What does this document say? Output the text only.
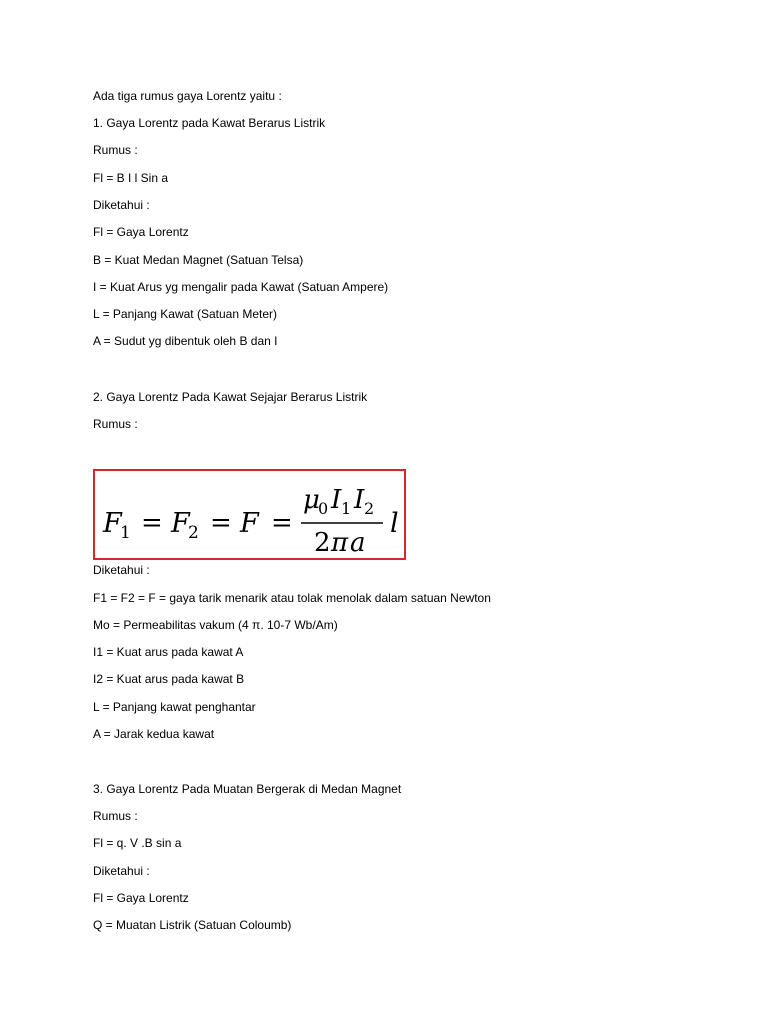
Ada tiga rumus gaya Lorentz yaitu :
1. Gaya Lorentz pada Kawat Berarus Listrik
Rumus :
Fl = B I l Sin a
Diketahui :
Fl = Gaya Lorentz
B = Kuat Medan Magnet (Satuan Telsa)
I = Kuat Arus yg mengalir pada Kawat (Satuan Ampere)
L = Panjang Kawat (Satuan Meter)
A = Sudut yg dibentuk oleh B dan I
2. Gaya Lorentz Pada Kawat Sejajar Berarus Listrik
Rumus :
F
1 = F
2 = F =
μ
0 I 1 I 2
2 π a
l
Diketahui :
F1 = F2 = F = gaya tarik menarik atau tolak menolak dalam satuan Newton
Mo = Permeabilitas vakum (4 π. 10-7 Wb/Am)
I1 = Kuat arus pada kawat A
I2 = Kuat arus pada kawat B
L = Panjang kawat penghantar
A = Jarak kedua kawat
3. Gaya Lorentz Pada Muatan Bergerak di Medan Magnet
Rumus :
Fl = q. V .B sin a
Diketahui :
Fl = Gaya Lorentz
Q = Muatan Listrik (Satuan Coloumb)
